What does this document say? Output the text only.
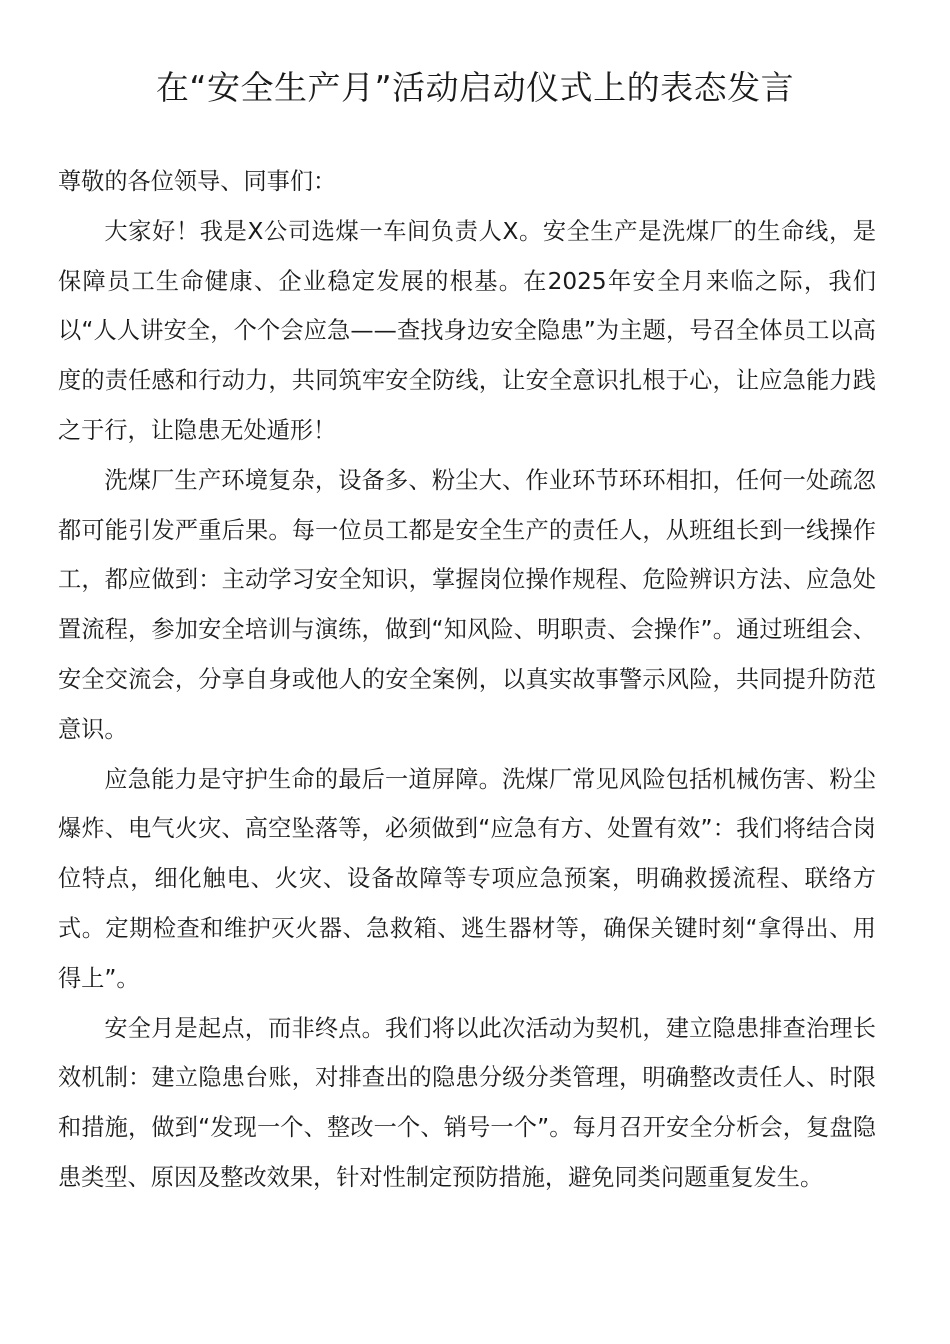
在“安全生产月”活动启动仪式上的表态发言

尊敬的各位领导、同事们：

大家好！我是X公司选煤一车间负责人X。安全生产是洗煤厂的生命线，是保障员工生命健康、企业稳定发展的根基。在2025年安全月来临之际，我们以“人人讲安全，个个会应急——查找身边安全隐患”为主题，号召全体员工以高度的责任感和行动力，共同筑牢安全防线，让安全意识扎根于心，让应急能力践之于行，让隐患无处遁形！

洗煤厂生产环境复杂，设备多、粉尘大、作业环节环环相扣，任何一处疏忽都可能引发严重后果。每一位员工都是安全生产的责任人，从班组长到一线操作工，都应做到：主动学习安全知识，掌握岗位操作规程、危险辨识方法、应急处置流程，参加安全培训与演练，做到“知风险、明职责、会操作”。通过班组会、安全交流会，分享自身或他人的安全案例，以真实故事警示风险，共同提升防范意识。

应急能力是守护生命的最后一道屏障。洗煤厂常见风险包括机械伤害、粉尘爆炸、电气火灾、高空坠落等，必须做到“应急有方、处置有效”：我们将结合岗位特点，细化触电、火灾、设备故障等专项应急预案，明确救援流程、联络方式。定期检查和维护灭火器、急救箱、逃生器材等，确保关键时刻“拿得出、用得上”。

安全月是起点，而非终点。我们将以此次活动为契机，建立隐患排查治理长效机制：建立隐患台账，对排查出的隐患分级分类管理，明确整改责任人、时限和措施，做到“发现一个、整改一个、销号一个”。每月召开安全分析会，复盘隐患类型、原因及整改效果，针对性制定预防措施，避免同类问题重复发生。
